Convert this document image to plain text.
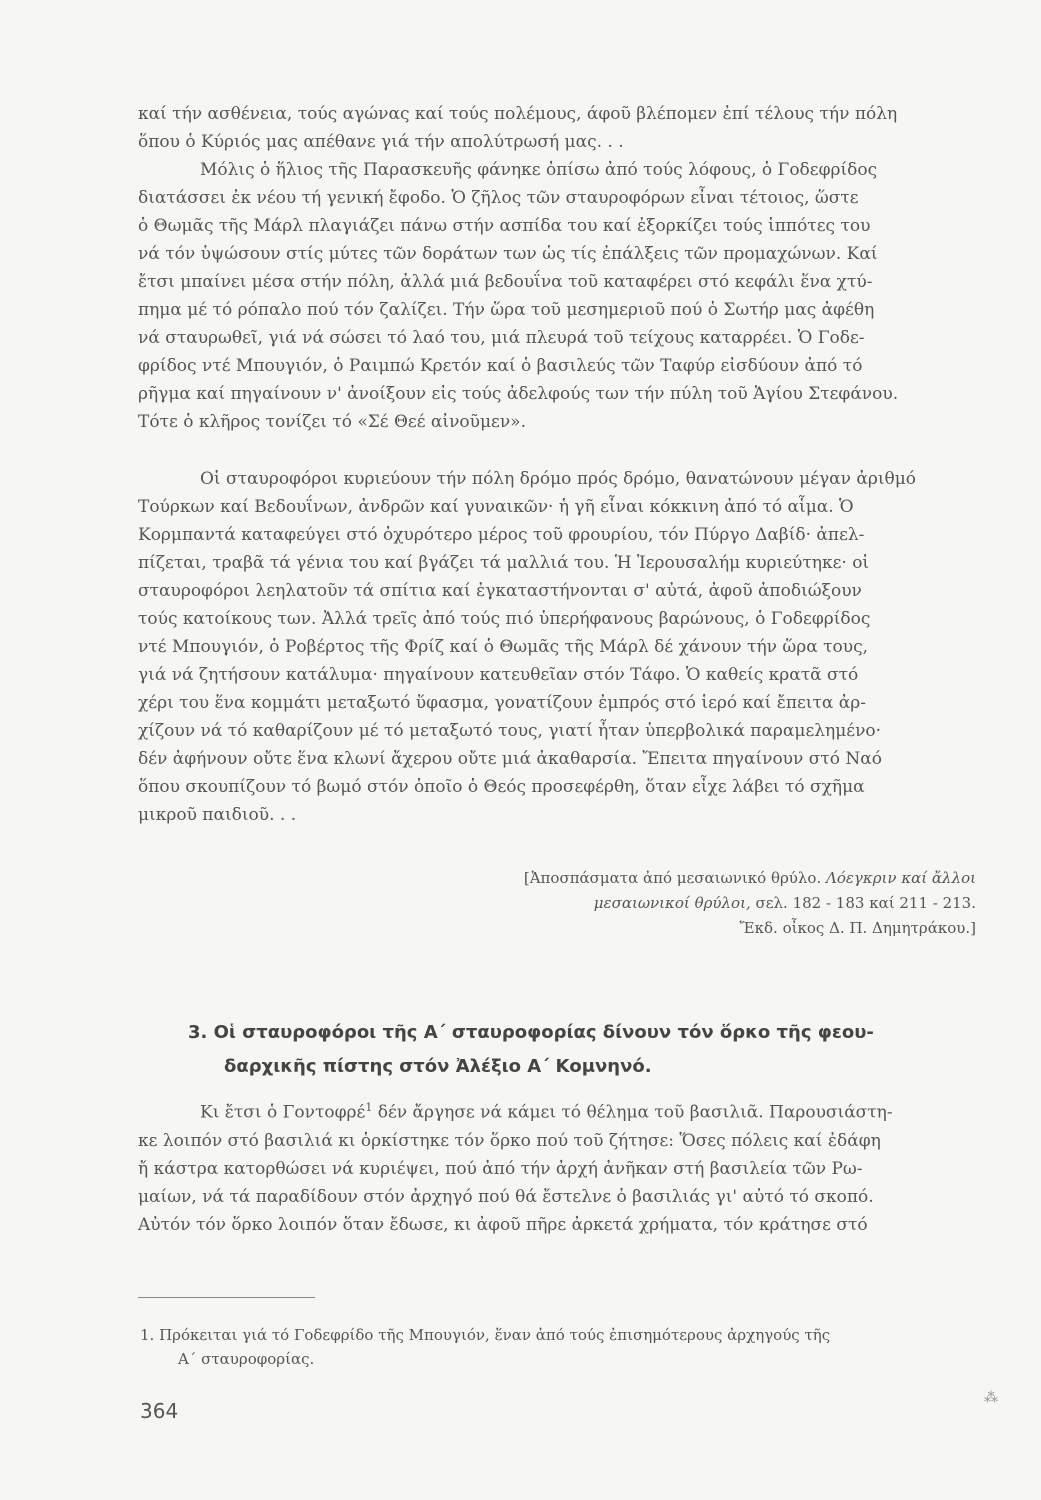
καί τήν ασθένεια, τούς αγώνας καί τούς πολέμους, άφοῦ βλέπομεν ἐπί τέλους τήν πόλη
ὅπου ὁ Κύριός μας απέθανε γιά τήν απολύτρωσή μας. . .
Μόλις ὁ ἥλιος τῆς Παρασκευῆς φάνηκε ὀπίσω ἀπό τούς λόφους, ὁ Γοδεφρίδος
διατάσσει ἐκ νέου τή γενική ἔφοδο. Ὁ ζῆλος τῶν σταυροφόρων εἶναι τέτοιος, ὥστε
ὁ Θωμᾶς τῆς Μάρλ πλαγιάζει πάνω στήν ασπίδα του καί ἐξορκίζει τούς ἱππότες του
νά τόν ὑψώσουν στίς μύτες τῶν δοράτων των ὡς τίς ἐπάλξεις τῶν προμαχώνων. Καί
ἔτσι μπαίνει μέσα στήν πόλη, ἀλλά μιά βεδουΐνα τοῦ καταφέρει στό κεφάλι ἕνα χτύ-
πημα μέ τό ρόπαλο πού τόν ζαλίζει. Τήν ὥρα τοῦ μεσημεριοῦ πού ὁ Σωτήρ μας ἀφέθη
νά σταυρωθεῖ, γιά νά σώσει τό λαό του, μιά πλευρά τοῦ τείχους καταρρέει. Ὁ Γοδε-
φρίδος ντέ Μπουγιόν, ὁ Ραιμπώ Κρετόν καί ὁ βασιλεύς τῶν Ταφύρ εἰσδύουν ἀπό τό
ρῆγμα καί πηγαίνουν ν' ἀνοίξουν εἰς τούς ἀδελφούς των τήν πύλη τοῦ Ἁγίου Στεφάνου.
Τότε ὁ κλῆρος τονίζει τό «Σέ Θεέ αἰνοῦμεν».
Οἱ σταυροφόροι κυριεύουν τήν πόλη δρόμο πρός δρόμο, θανατώνουν μέγαν ἀριθμό
Τούρκων καί Βεδουΐνων, ἀνδρῶν καί γυναικῶν· ἡ γῆ εἶναι κόκκινη ἀπό τό αἷμα. Ὁ
Κορμπαντά καταφεύγει στό ὀχυρότερο μέρος τοῦ φρουρίου, τόν Πύργο Δαβίδ· ἀπελ-
πίζεται, τραβᾶ τά γένια του καί βγάζει τά μαλλιά του. Ἡ Ἱερουσαλήμ κυριεύτηκε· οἱ
σταυροφόροι λεηλατοῦν τά σπίτια καί ἐγκαταστήνονται σ' αὐτά, ἀφοῦ ἀποδιώξουν
τούς κατοίκους των. Ἀλλά τρεῖς ἀπό τούς πιό ὑπερήφανους βαρώνους, ὁ Γοδεφρίδος
ντέ Μπουγιόν, ὁ Ροβέρτος τῆς Φρίζ καί ὁ Θωμᾶς τῆς Μάρλ δέ χάνουν τήν ὥρα τους,
γιά νά ζητήσουν κατάλυμα· πηγαίνουν κατευθεῖαν στόν Τάφο. Ὁ καθείς κρατᾶ στό
χέρι του ἕνα κομμάτι μεταξωτό ὕφασμα, γονατίζουν ἐμπρός στό ἱερό καί ἔπειτα ἀρ-
χίζουν νά τό καθαρίζουν μέ τό μεταξωτό τους, γιατί ἦταν ὑπερβολικά παραμελημένο·
δέν ἀφήνουν οὔτε ἕνα κλωνί ἄχερου οὔτε μιά ἀκαθαρσία. Ἔπειτα πηγαίνουν στό Ναό
ὅπου σκουπίζουν τό βωμό στόν ὁποῖο ὁ Θεός προσεφέρθη, ὅταν εἶχε λάβει τό σχῆμα
μικροῦ παιδιοῦ. . .
[Ἀποσπάσματα ἀπό μεσαιωνικό θρύλο. Λόεγκριν καί ἄλλοι μεσαιωνικοί θρύλοι, σελ. 182 - 183 καί 211 - 213.
Ἔκδ. οἶκος Δ. Π. Δημητράκου.]
3. Οἱ σταυροφόροι τῆς Α΄ σταυροφορίας δίνουν τόν ὅρκο τῆς φεου-
δαρχικῆς πίστης στόν Ἀλέξιο Α΄ Κομνηνό.
Κι ἔτσι ὁ Γοντοφρέ$^1$ δέν ἄργησε νά κάμει τό θέλημα τοῦ βασιλιᾶ. Παρουσιάστη-
κε λοιπόν στό βασιλιά κι ὁρκίστηκε τόν ὅρκο πού τοῦ ζήτησε: Ὅσες πόλεις καί ἐδάφη
ἤ κάστρα κατορθώσει νά κυριέψει, πού ἀπό τήν ἀρχή ἀνῆκαν στή βασιλεία τῶν Ρω-
μαίων, νά τά παραδίδουν στόν ἀρχηγό πού θά ἔστελνε ὁ βασιλιάς γι' αὐτό τό σκοπό.
Αὐτόν τόν ὅρκο λοιπόν ὅταν ἔδωσε, κι ἀφοῦ πῆρε ἀρκετά χρήματα, τόν κράτησε στό
1. Πρόκειται γιά τό Γοδεφρίδο τῆς Μπουγιόν, ἕναν ἀπό τούς ἐπισημότερους ἀρχηγούς τῆς
Α΄ σταυροφορίας.
364
⁂
